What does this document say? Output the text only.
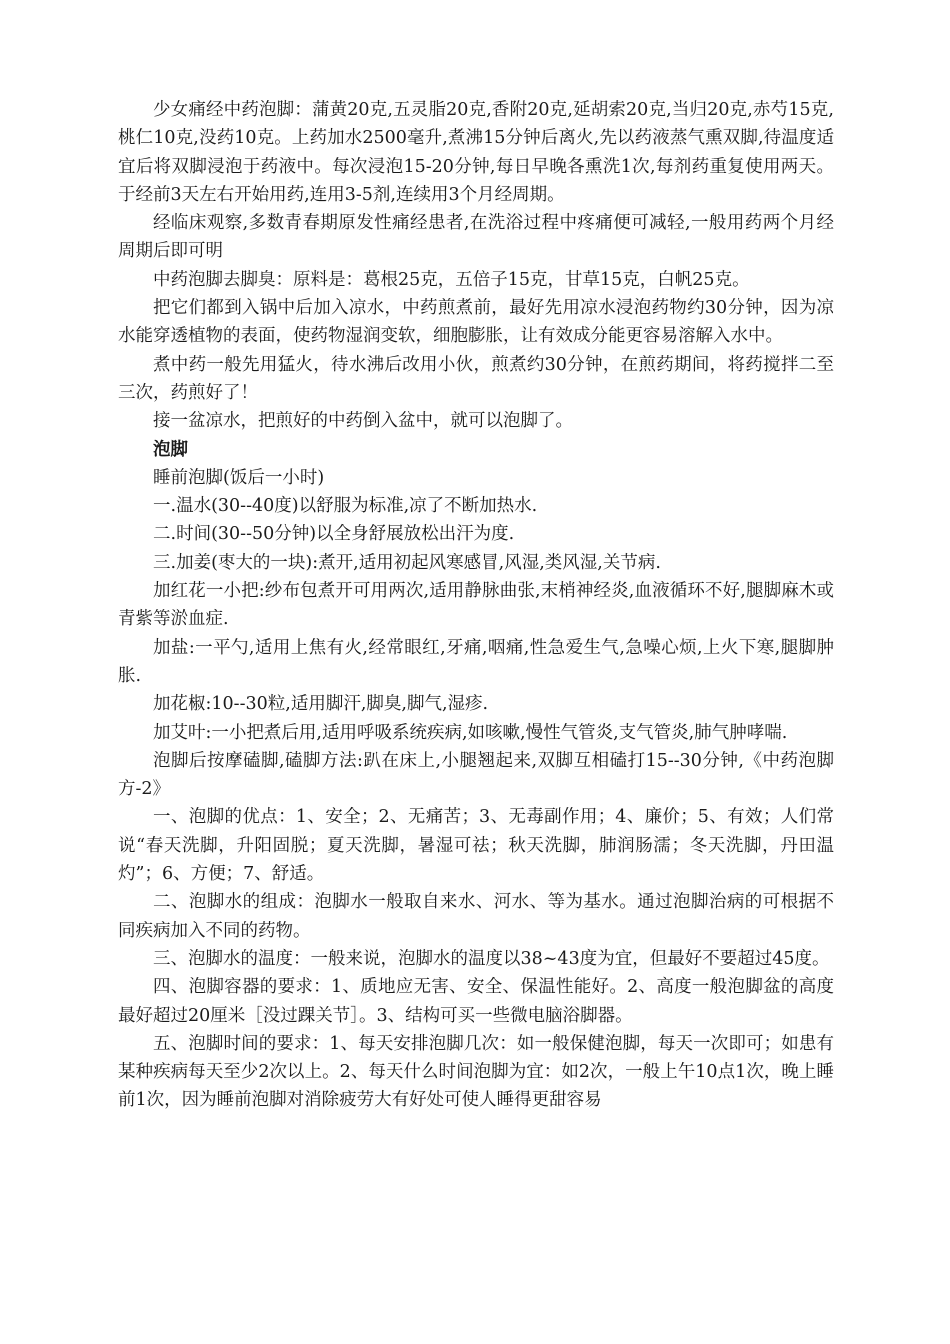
少女痛经中药泡脚：蒲黄20克,五灵脂20克,香附20克,延胡索20克,当归20克,赤芍15克,桃仁10克,没药10克。上药加水2500毫升,煮沸15分钟后离火,先以药液蒸气熏双脚,待温度适宜后将双脚浸泡于药液中。每次浸泡15-20分钟,每日早晚各熏洗1次,每剂药重复使用两天。于经前3天左右开始用药,连用3-5剂,连续用3个月经周期。

经临床观察,多数青春期原发性痛经患者,在洗浴过程中疼痛便可减轻,一般用药两个月经周期后即可明

中药泡脚去脚臭：原料是：葛根25克，五倍子15克，甘草15克，白帆25克。

把它们都到入锅中后加入凉水，中药煎煮前，最好先用凉水浸泡药物约30分钟，因为凉水能穿透植物的表面，使药物湿润变软，细胞膨胀，让有效成分能更容易溶解入水中。

煮中药一般先用猛火，待水沸后改用小伙，煎煮约30分钟，在煎药期间，将药搅拌二至三次，药煎好了！

接一盆凉水，把煎好的中药倒入盆中，就可以泡脚了。

泡脚

睡前泡脚(饭后一小时)

一.温水(30--40度)以舒服为标准,凉了不断加热水.

二.时间(30--50分钟)以全身舒展放松出汗为度.

三.加姜(枣大的一块):煮开,适用初起风寒感冒,风湿,类风湿,关节病.

加红花一小把:纱布包煮开可用两次,适用静脉曲张,末梢神经炎,血液循环不好,腿脚麻木或青紫等淤血症.

加盐:一平勺,适用上焦有火,经常眼红,牙痛,咽痛,性急爱生气,急噪心烦,上火下寒,腿脚肿胀.

加花椒:10--30粒,适用脚汗,脚臭,脚气,湿疹.

加艾叶:一小把煮后用,适用呼吸系统疾病,如咳嗽,慢性气管炎,支气管炎,肺气肿哮喘.

泡脚后按摩磕脚,磕脚方法:趴在床上,小腿翘起来,双脚互相磕打15--30分钟,《中药泡脚方-2》

一、泡脚的优点：1、安全；2、无痛苦；3、无毒副作用；4、廉价；5、有效；人们常说“春天洗脚，升阳固脱；夏天洗脚，暑湿可祛；秋天洗脚，肺润肠濡；冬天洗脚，丹田温灼”；6、方便；7、舒适。

二、泡脚水的组成：泡脚水一般取自来水、河水、等为基水。通过泡脚治病的可根据不同疾病加入不同的药物。

三、泡脚水的温度：一般来说，泡脚水的温度以38~43度为宜，但最好不要超过45度。

四、泡脚容器的要求：1、质地应无害、安全、保温性能好。2、高度一般泡脚盆的高度最好超过20厘米［没过踝关节］。3、结构可买一些微电脑浴脚器。

五、泡脚时间的要求：1、每天安排泡脚几次：如一般保健泡脚，每天一次即可；如患有某种疾病每天至少2次以上。2、每天什么时间泡脚为宜：如2次，一般上午10点1次，晚上睡前1次，因为睡前泡脚对消除疲劳大有好处可使人睡得更甜容易
